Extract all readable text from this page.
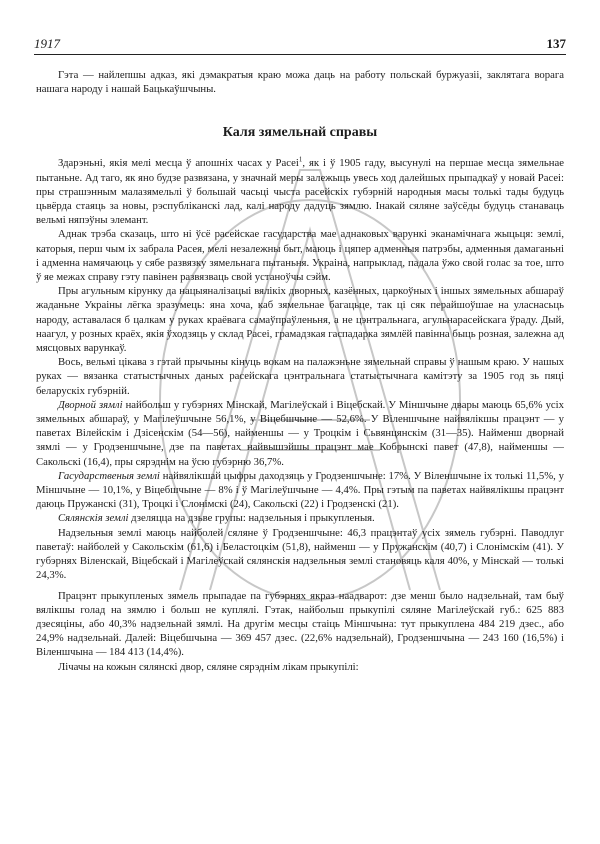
1917	137

Гэта — найлепшы адказ, які дэмакратыя краю можа даць на работу польскай буржуазіі, заклятага ворага нашага народу і нашай Бацькаўшчыны.

Каля зямельнай справы

Здарэньні, якія мелі месца ў апошніх часах у Расеі$^1$, як і ў 1905 гаду, высунулі на першае месца зямельнае пытаньне. Ад таго, як яно будзе развязана, у значнай меры залежыць увесь ход далейшых прыпадкаў у новай Расеі: пры страшэнным малазямельлі ў большай часьці чыста расейскіх губэрній народныя масы толькі тады будуць цьвёрда стаяць за новы, рэспубліканскі лад, калі народу дадуць зямлю. Інакай сяляне заўсёды будуць станаваць вельмі няпэўны элемант.

Аднак трэба сказаць, што ні ўсё расейскае гасударства мае аднаковых варункі эканамічнага жыцьця: землі, каторыя, перш чым іх забрала Расея, мелі незалежны быт, маюць і цяпер адменныя патрэбы, адменныя дамаганьні і адменна намячаюць у сябе развязку зямельнага пытаньня. Украіна, напрыклад, падала ўжо свой голас за тое, што ў яе межах справу гэту павінен развязваць свой устаноўчы сэйм.

Пры агульным кірунку да нацыяналізацыі вялікіх дворных, казённых, царкоўных і іншых зямельных абшараў жаданьне Украіны лёгка зразумець: яна хоча, каб зямельнае багацьце, так ці сяк перайшоўшае на уласнасьць народу, аставалася б цалкам у руках краёвага самаўпраўленьня, а не цэнтральнага, агульнарасейскага ўраду. Дый, наагул, у розных краёх, якія ўходзяць у склад Расеі, грамадзкая гаспадарка зямлёй павінна быць розная, залежна ад мясцовых варункаў.

Вось, вельмі цікава з гэтай прычыны кінуць вокам на палажэньне зямельнай справы ў нашым краю. У нашых руках — вязанка статыстычных даных расейскага цэнтральнага статыстычнага камітэту за 1905 год зь пяці беларускіх губэрній.

Дворной зямлі найбольш у губэрнях Мінскай, Магілеўскай і Віцебскай. У Міншчыне двары маюць 65,6% усіх зямельных абшараў, у Магілеўшчыне 56,1%, у Віцебшчыне — 52,6%. У Віленшчыне найвялікшы працэнт — у паветах Вілейскім і Дзісенскім (54—56), найменшы — у Троцкім і Сьвянцянскім (31—35). Найменш дворнай зямлі — у Гродзеншчыне, дзе па паветах найвышэйшы працэнт мае Кобрынскі павет (47,8), найменшы — Сакольскі (16,4), пры сярэднім на ўсю губэрню 36,7%.

Гасударственыя землі найвялікшай цыфры даходзяць у Гродзеншчыне: 17%. У Віленшчыне іх толькі 11,5%, у Міншчыне — 10,1%, у Віцебшчыне — 8% і ў Магілеўшчыне — 4,4%. Пры гэтым па паветах найвялікшы працэнт даюць Пружанскі (31), Троцкі і Слонімскі (24), Сакольскі (22) і Гродзенскі (21).

Сялянскія землі дзеляцца на дзьве групы: надзельныя і прыкупленыя.

Надзельныя землі маюць найболей сяляне ў Гродзеншчыне: 46,3 працэнтаў усіх зямель губэрні. Паводлуг паветаў: найболей у Сакольскім (61,6) і Беластоцкім (51,8), найменш — у Пружанскім (40,7) і Слонімскім (41). У губэрнях Віленскай, Віцебскай і Магілеўскай сялянскія надзельныя землі становяць каля 40%, у Мінскай — толькі 24,3%.

Працэнт прыкупленых зямель прыпадае па губэрнях якраз наадварот: дзе менш было надзельнай, там быў вялікшы голад на зямлю і больш не куплялі. Гэтак, найбольш прыкупілі сяляне Магілеўскай губ.: 625 883 дзесяціны, або 40,3% надзельнай зямлі. На другім месцы стаіць Міншчына: тут прыкуплена 484 219 дзес., або 24,9% надзельнай. Далей: Віцебшчына — 369 457 дзес. (22,6% надзельнай), Гродзеншчына — 243 160 (16,5%) і Віленшчына — 184 413 (14,4%).

Лічачы на кожын сялянскі двор, сяляне сярэднім лікам прыкупілі:
